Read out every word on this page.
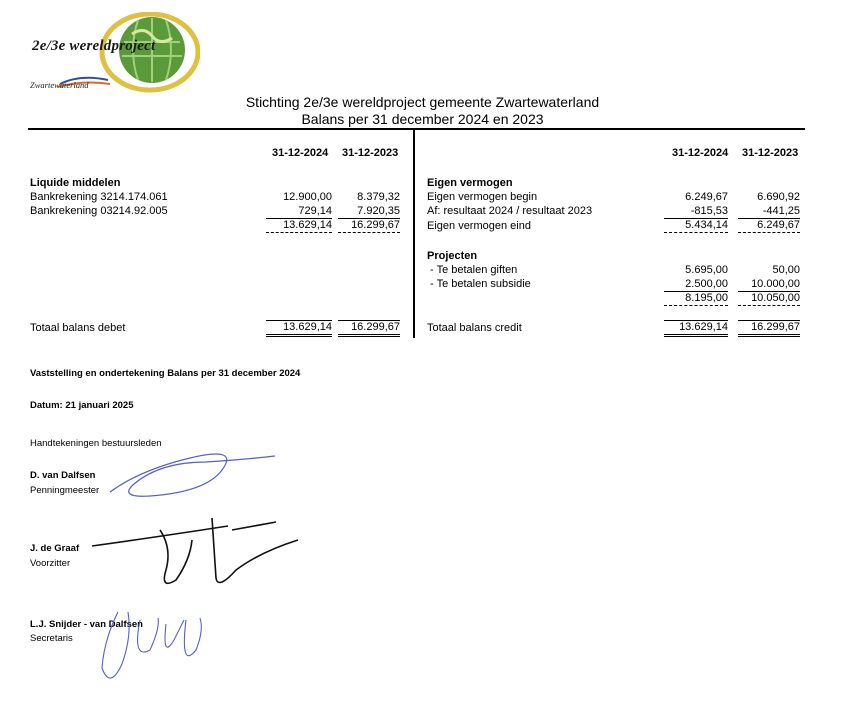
2e/3e wereldproject
Zwartewaterland
Stichting 2e/3e wereldproject gemeente Zwartewaterland
Balans per 31 december 2024 en 2023
31-12-2024 31-12-2023
Liquide middelen
Bankrekening 3214.174.061	12.900,00	8.379,32
Bankrekening 03214.92.005	729,14	7.920,35
13.629,14	16.299,67
Totaal balans debet	13.629,14	16.299,67
31-12-2024 31-12-2023
Eigen vermogen
Eigen vermogen begin	6.249,67	6.690,92
Af: resultaat 2024 / resultaat 2023	-815,53	-441,25
Eigen vermogen eind	5.434,14	6.249,67
Projecten
- Te betalen giften	5.695,00	50,00
- Te betalen subsidie	2.500,00	10.000,00
8.195,00	10.050,00
Totaal balans credit	13.629,14	16.299,67
Vaststelling en ondertekening Balans per 31 december 2024
Datum: 21 januari 2025
Handtekeningen bestuursleden
D. van Dalfsen
Penningmeester
J. de Graaf
Voorzitter
L.J. Snijder - van Dalfsen
Secretaris
